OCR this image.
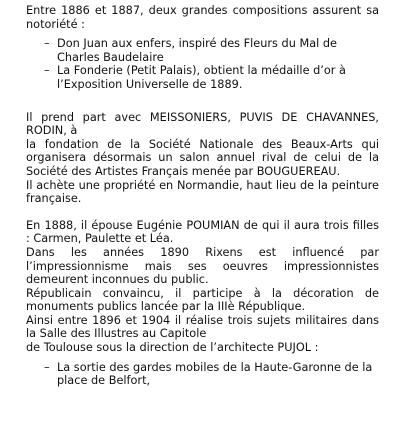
Entre 1886 et 1887, deux grandes compositions assurent sa notoriété :

– Don Juan aux enfers, inspiré des Fleurs du Mal de Charles Baudelaire
– La Fonderie (Petit Palais), obtient la médaille d’or à l’Exposition Universelle de 1889.

Il prend part avec MEISSONIERS, PUVIS DE CHAVANNES, RODIN, à

la fondation de la Société Nationale des Beaux-Arts qui organisera désormais un salon annuel rival de celui de la Société des Artistes Français menée par BOUGUEREAU.

Il achète une propriété en Normandie, haut lieu de la peinture française.

En 1888, il épouse Eugénie POUMIAN de qui il aura trois filles : Carmen, Paulette et Léa.

Dans les années 1890 Rixens est influencé par l’impressionnisme mais ses oeuvres impressionnistes demeurent inconnues du public.

Républicain convaincu, il participe à la décoration de monuments publics lancée par la IIIè République.

Ainsi entre 1896 et 1904 il réalise trois sujets militaires dans la Salle des Illustres au Capitole

de Toulouse sous la direction de l’architecte PUJOL :

– La sortie des gardes mobiles de la Haute-Garonne de la place de Belfort,
